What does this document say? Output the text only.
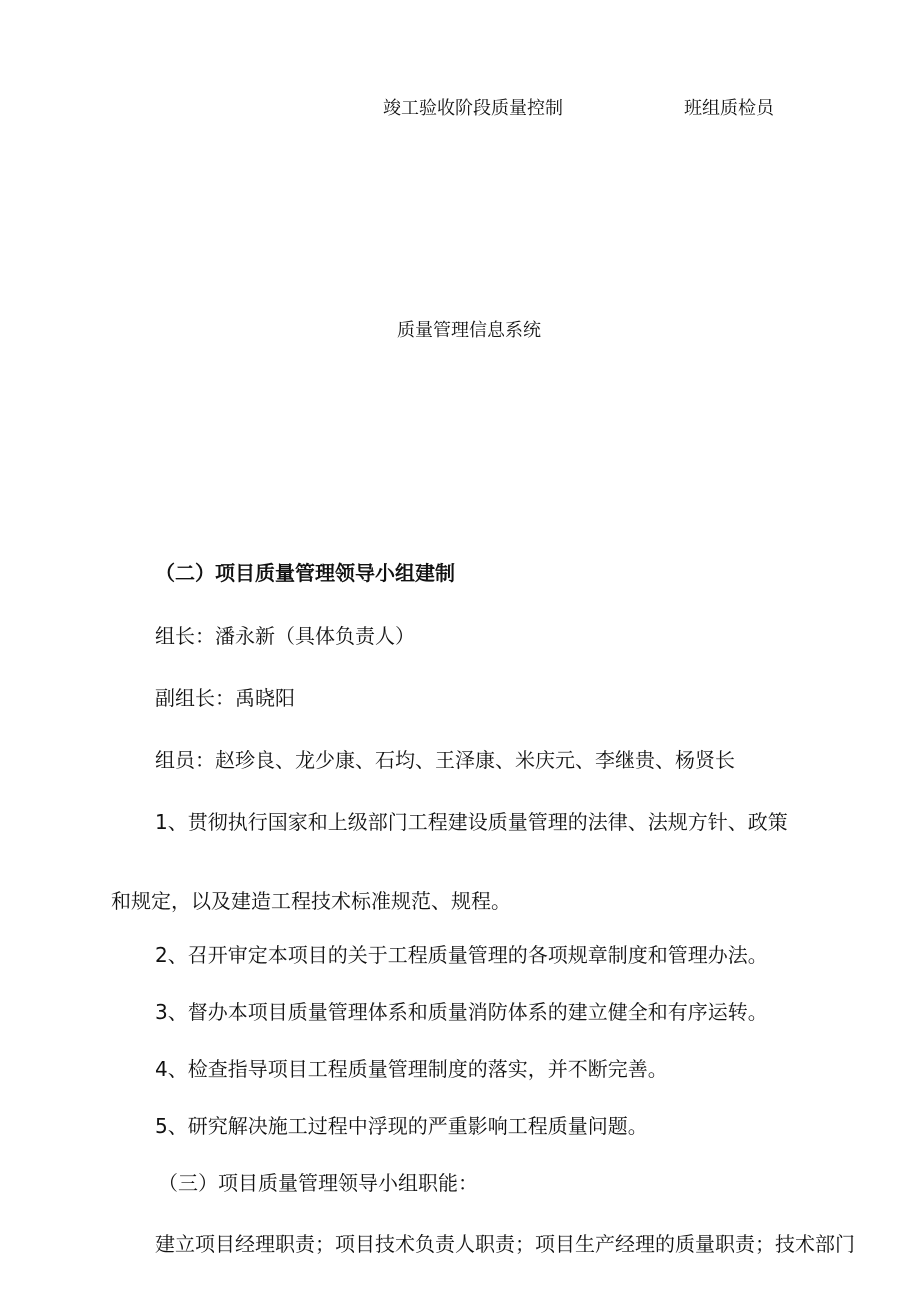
竣工验收阶段质量控制	班组质检员
质量管理信息系统
（二）项目质量管理领导小组建制
组长：潘永新（具体负责人）
副组长：禹晓阳
组员：赵珍良、龙少康、石均、王泽康、米庆元、李继贵、杨贤长
1、贯彻执行国家和上级部门工程建设质量管理的法律、法规方针、政策
和规定，以及建造工程技术标准规范、规程。
2、召开审定本项目的关于工程质量管理的各项规章制度和管理办法。
3、督办本项目质量管理体系和质量消防体系的建立健全和有序运转。
4、检查指导项目工程质量管理制度的落实，并不断完善。
5、研究解决施工过程中浮现的严重影响工程质量问题。
（三）项目质量管理领导小组职能：
建立项目经理职责；项目技术负责人职责；项目生产经理的质量职责；技术部门
